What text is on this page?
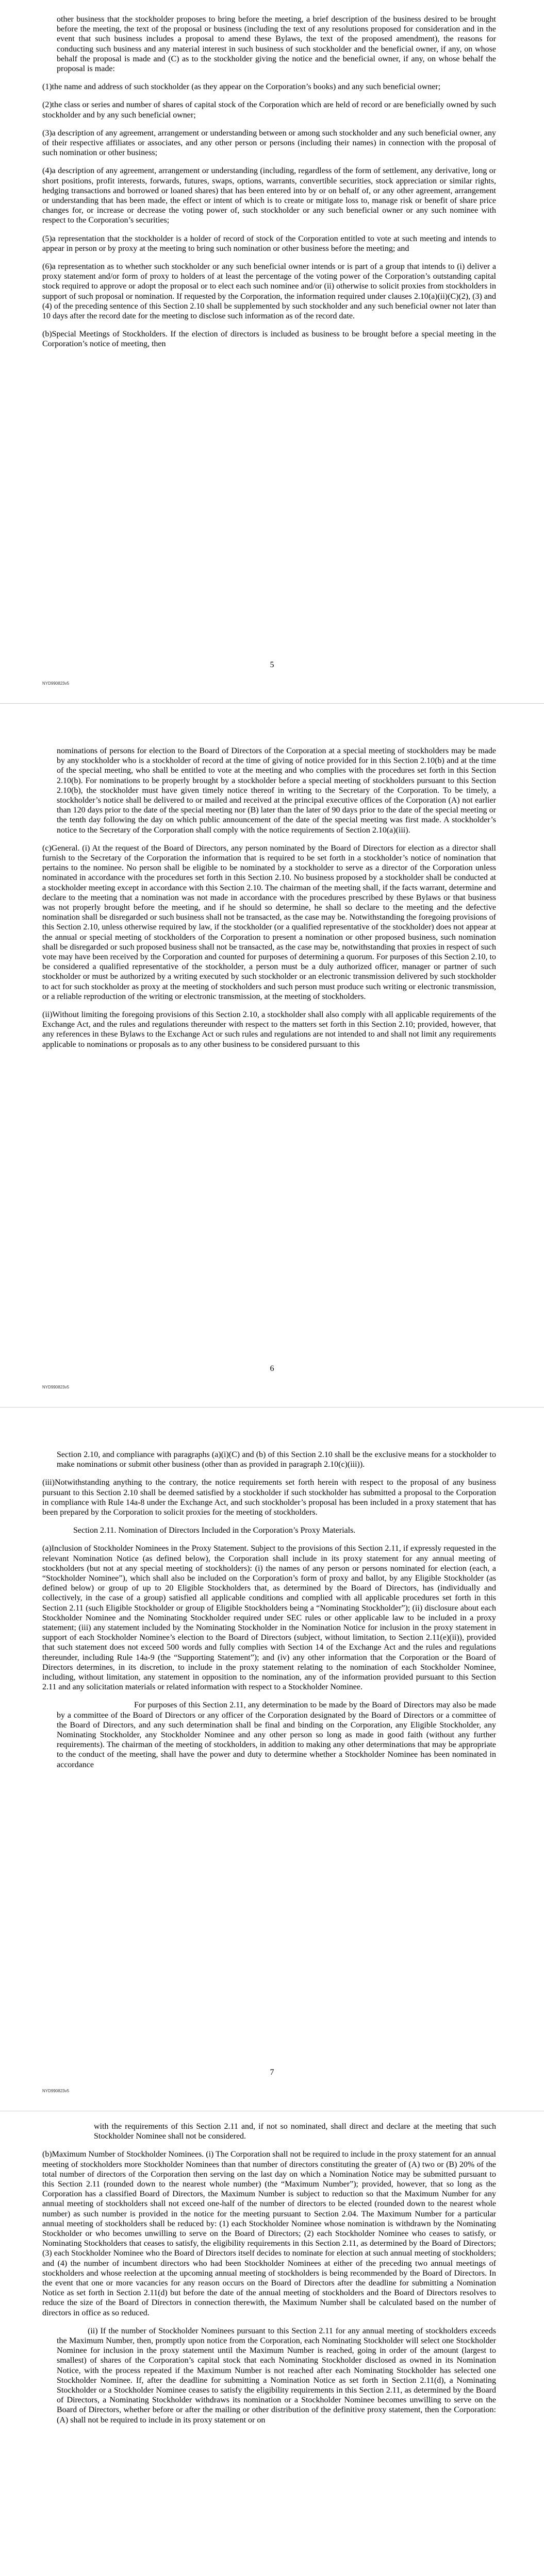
other business that the stockholder proposes to bring before the meeting, a brief description of the business desired to be brought before the meeting, the text of the proposal or business (including the text of any resolutions proposed for consideration and in the event that such business includes a proposal to amend these Bylaws, the text of the proposed amendment), the reasons for conducting such business and any material interest in such business of such stockholder and the beneficial owner, if any, on whose behalf the proposal is made and (C) as to the stockholder giving the notice and the beneficial owner, if any, on whose behalf the proposal is made:

(1)the name and address of such stockholder (as they appear on the Corporation’s books) and any such beneficial owner;

(2)the class or series and number of shares of capital stock of the Corporation which are held of record or are beneficially owned by such stockholder and by any such beneficial owner;

(3)a description of any agreement, arrangement or understanding between or among such stockholder and any such beneficial owner, any of their respective affiliates or associates, and any other person or persons (including their names) in connection with the proposal of such nomination or other business;

(4)a description of any agreement, arrangement or understanding (including, regardless of the form of settlement, any derivative, long or short positions, profit interests, forwards, futures, swaps, options, warrants, convertible securities, stock appreciation or similar rights, hedging transactions and borrowed or loaned shares) that has been entered into by or on behalf of, or any other agreement, arrangement or understanding that has been made, the effect or intent of which is to create or mitigate loss to, manage risk or benefit of share price changes for, or increase or decrease the voting power of, such stockholder or any such beneficial owner or any such nominee with respect to the Corporation’s securities;

(5)a representation that the stockholder is a holder of record of stock of the Corporation entitled to vote at such meeting and intends to appear in person or by proxy at the meeting to bring such nomination or other business before the meeting; and

(6)a representation as to whether such stockholder or any such beneficial owner intends or is part of a group that intends to (i) deliver a proxy statement and/or form of proxy to holders of at least the percentage of the voting power of the Corporation’s outstanding capital stock required to approve or adopt the proposal or to elect each such nominee and/or (ii) otherwise to solicit proxies from stockholders in support of such proposal or nomination. If requested by the Corporation, the information required under clauses 2.10(a)(ii)(C)(2), (3) and (4) of the preceding sentence of this Section 2.10 shall be supplemented by such stockholder and any such beneficial owner not later than 10 days after the record date for the meeting to disclose such information as of the record date.

(b)Special Meetings of Stockholders. If the election of directors is included as business to be brought before a special meeting in the Corporation’s notice of meeting, then

5
NYD990823v5

nominations of persons for election to the Board of Directors of the Corporation at a special meeting of stockholders may be made by any stockholder who is a stockholder of record at the time of giving of notice provided for in this Section 2.10(b) and at the time of the special meeting, who shall be entitled to vote at the meeting and who complies with the procedures set forth in this Section 2.10(b). For nominations to be properly brought by a stockholder before a special meeting of stockholders pursuant to this Section 2.10(b), the stockholder must have given timely notice thereof in writing to the Secretary of the Corporation. To be timely, a stockholder’s notice shall be delivered to or mailed and received at the principal executive offices of the Corporation (A) not earlier than 120 days prior to the date of the special meeting nor (B) later than the later of 90 days prior to the date of the special meeting or the tenth day following the day on which public announcement of the date of the special meeting was first made. A stockholder’s notice to the Secretary of the Corporation shall comply with the notice requirements of Section 2.10(a)(iii).

(c)General. (i) At the request of the Board of Directors, any person nominated by the Board of Directors for election as a director shall furnish to the Secretary of the Corporation the information that is required to be set forth in a stockholder’s notice of nomination that pertains to the nominee. No person shall be eligible to be nominated by a stockholder to serve as a director of the Corporation unless nominated in accordance with the procedures set forth in this Section 2.10. No business proposed by a stockholder shall be conducted at a stockholder meeting except in accordance with this Section 2.10. The chairman of the meeting shall, if the facts warrant, determine and declare to the meeting that a nomination was not made in accordance with the procedures prescribed by these Bylaws or that business was not properly brought before the meeting, and if he should so determine, he shall so declare to the meeting and the defective nomination shall be disregarded or such business shall not be transacted, as the case may be. Notwithstanding the foregoing provisions of this Section 2.10, unless otherwise required by law, if the stockholder (or a qualified representative of the stockholder) does not appear at the annual or special meeting of stockholders of the Corporation to present a nomination or other proposed business, such nomination shall be disregarded or such proposed business shall not be transacted, as the case may be, notwithstanding that proxies in respect of such vote may have been received by the Corporation and counted for purposes of determining a quorum. For purposes of this Section 2.10, to be considered a qualified representative of the stockholder, a person must be a duly authorized officer, manager or partner of such stockholder or must be authorized by a writing executed by such stockholder or an electronic transmission delivered by such stockholder to act for such stockholder as proxy at the meeting of stockholders and such person must produce such writing or electronic transmission, or a reliable reproduction of the writing or electronic transmission, at the meeting of stockholders.

(ii)Without limiting the foregoing provisions of this Section 2.10, a stockholder shall also comply with all applicable requirements of the Exchange Act, and the rules and regulations thereunder with respect to the matters set forth in this Section 2.10; provided, however, that any references in these Bylaws to the Exchange Act or such rules and regulations are not intended to and shall not limit any requirements applicable to nominations or proposals as to any other business to be considered pursuant to this

6
NYD990823v5

Section 2.10, and compliance with paragraphs (a)(i)(C) and (b) of this Section 2.10 shall be the exclusive means for a stockholder to make nominations or submit other business (other than as provided in paragraph 2.10(c)(iii)).

(iii)Notwithstanding anything to the contrary, the notice requirements set forth herein with respect to the proposal of any business pursuant to this Section 2.10 shall be deemed satisfied by a stockholder if such stockholder has submitted a proposal to the Corporation in compliance with Rule 14a-8 under the Exchange Act, and such stockholder’s proposal has been included in a proxy statement that has been prepared by the Corporation to solicit proxies for the meeting of stockholders.

Section 2.11. Nomination of Directors Included in the Corporation’s Proxy Materials.

(a)Inclusion of Stockholder Nominees in the Proxy Statement. Subject to the provisions of this Section 2.11, if expressly requested in the relevant Nomination Notice (as defined below), the Corporation shall include in its proxy statement for any annual meeting of stockholders (but not at any special meeting of stockholders): (i) the names of any person or persons nominated for election (each, a “Stockholder Nominee”), which shall also be included on the Corporation’s form of proxy and ballot, by any Eligible Stockholder (as defined below) or group of up to 20 Eligible Stockholders that, as determined by the Board of Directors, has (individually and collectively, in the case of a group) satisfied all applicable conditions and complied with all applicable procedures set forth in this Section 2.11 (such Eligible Stockholder or group of Eligible Stockholders being a “Nominating Stockholder”); (ii) disclosure about each Stockholder Nominee and the Nominating Stockholder required under SEC rules or other applicable law to be included in a proxy statement; (iii) any statement included by the Nominating Stockholder in the Nomination Notice for inclusion in the proxy statement in support of each Stockholder Nominee’s election to the Board of Directors (subject, without limitation, to Section 2.11(e)(ii)), provided that such statement does not exceed 500 words and fully complies with Section 14 of the Exchange Act and the rules and regulations thereunder, including Rule 14a-9 (the “Supporting Statement”); and (iv) any other information that the Corporation or the Board of Directors determines, in its discretion, to include in the proxy statement relating to the nomination of each Stockholder Nominee, including, without limitation, any statement in opposition to the nomination, any of the information provided pursuant to this Section 2.11 and any solicitation materials or related information with respect to a Stockholder Nominee.

For purposes of this Section 2.11, any determination to be made by the Board of Directors may also be made by a committee of the Board of Directors or any officer of the Corporation designated by the Board of Directors or a committee of the Board of Directors, and any such determination shall be final and binding on the Corporation, any Eligible Stockholder, any Nominating Stockholder, any Stockholder Nominee and any other person so long as made in good faith (without any further requirements). The chairman of the meeting of stockholders, in addition to making any other determinations that may be appropriate to the conduct of the meeting, shall have the power and duty to determine whether a Stockholder Nominee has been nominated in accordance

7
NYD990823v5

with the requirements of this Section 2.11 and, if not so nominated, shall direct and declare at the meeting that such Stockholder Nominee shall not be considered.

(b)Maximum Number of Stockholder Nominees. (i) The Corporation shall not be required to include in the proxy statement for an annual meeting of stockholders more Stockholder Nominees than that number of directors constituting the greater of (A) two or (B) 20% of the total number of directors of the Corporation then serving on the last day on which a Nomination Notice may be submitted pursuant to this Section 2.11 (rounded down to the nearest whole number) (the “Maximum Number”); provided, however, that so long as the Corporation has a classified Board of Directors, the Maximum Number is subject to reduction so that the Maximum Number for any annual meeting of stockholders shall not exceed one-half of the number of directors to be elected (rounded down to the nearest whole number) as such number is provided in the notice for the meeting pursuant to Section 2.04. The Maximum Number for a particular annual meeting of stockholders shall be reduced by: (1) each Stockholder Nominee whose nomination is withdrawn by the Nominating Stockholder or who becomes unwilling to serve on the Board of Directors; (2) each Stockholder Nominee who ceases to satisfy, or Nominating Stockholders that ceases to satisfy, the eligibility requirements in this Section 2.11, as determined by the Board of Directors; (3) each Stockholder Nominee who the Board of Directors itself decides to nominate for election at such annual meeting of stockholders; and (4) the number of incumbent directors who had been Stockholder Nominees at either of the preceding two annual meetings of stockholders and whose reelection at the upcoming annual meeting of stockholders is being recommended by the Board of Directors. In the event that one or more vacancies for any reason occurs on the Board of Directors after the deadline for submitting a Nomination Notice as set forth in Section 2.11(d) but before the date of the annual meeting of stockholders and the Board of Directors resolves to reduce the size of the Board of Directors in connection therewith, the Maximum Number shall be calculated based on the number of directors in office as so reduced.

(ii) If the number of Stockholder Nominees pursuant to this Section 2.11 for any annual meeting of stockholders exceeds the Maximum Number, then, promptly upon notice from the Corporation, each Nominating Stockholder will select one Stockholder Nominee for inclusion in the proxy statement until the Maximum Number is reached, going in order of the amount (largest to smallest) of shares of the Corporation’s capital stock that each Nominating Stockholder disclosed as owned in its Nomination Notice, with the process repeated if the Maximum Number is not reached after each Nominating Stockholder has selected one Stockholder Nominee. If, after the deadline for submitting a Nomination Notice as set forth in Section 2.11(d), a Nominating Stockholder or a Stockholder Nominee ceases to satisfy the eligibility requirements in this Section 2.11, as determined by the Board of Directors, a Nominating Stockholder withdraws its nomination or a Stockholder Nominee becomes unwilling to serve on the Board of Directors, whether before or after the mailing or other distribution of the definitive proxy statement, then the Corporation: (A) shall not be required to include in its proxy statement or on
